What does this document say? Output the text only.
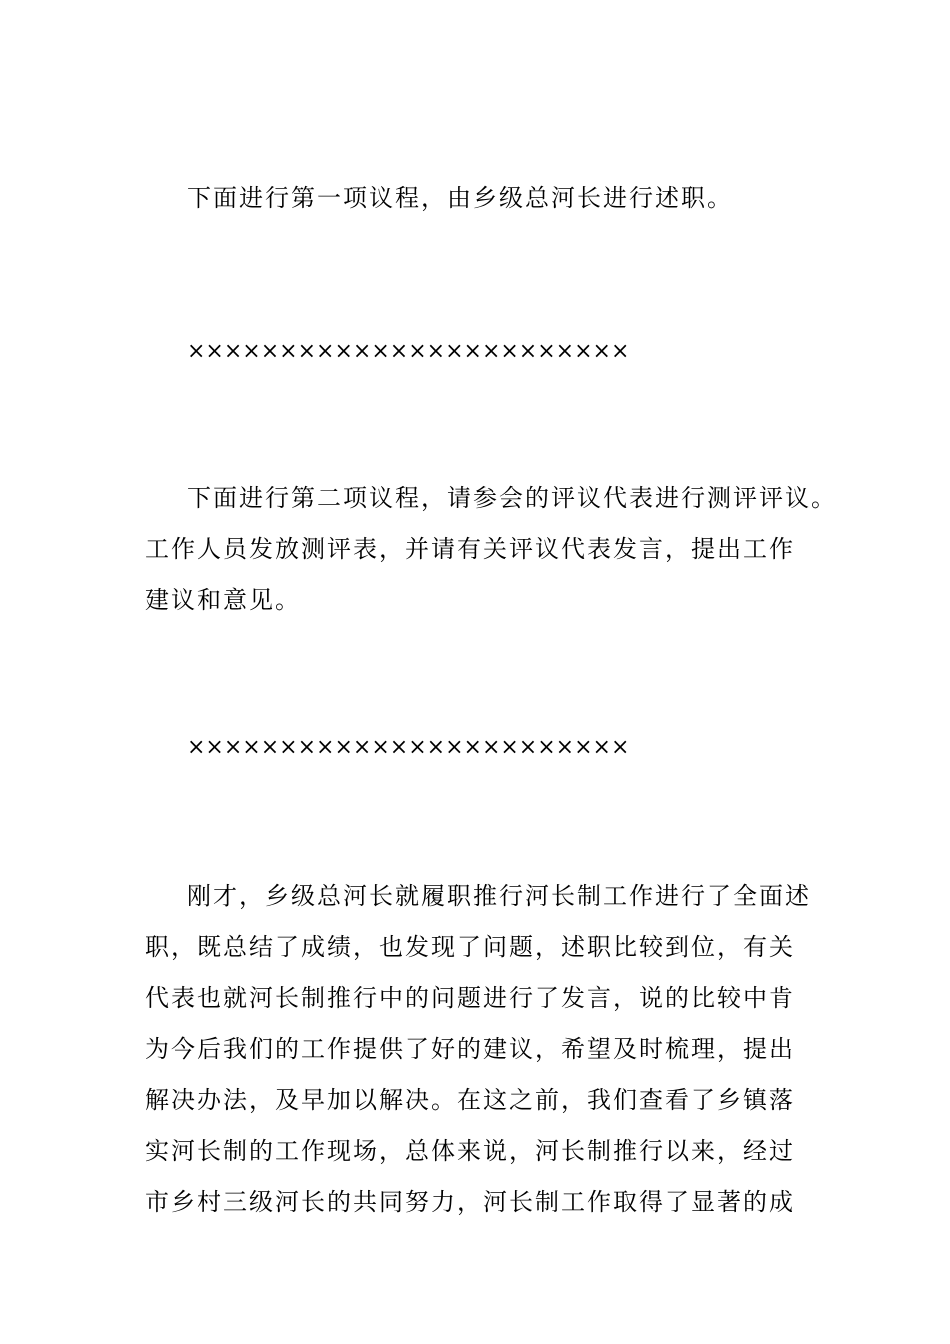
下面进行第一项议程，由乡级总河长进行述职。

××××××××××××××××××××××××

下面进行第二项议程，请参会的评议代表进行测评评议。
工作人员发放测评表，并请有关评议代表发言，提出工作
建议和意见。

××××××××××××××××××××××××

刚才，乡级总河长就履职推行河长制工作进行了全面述
职，既总结了成绩，也发现了问题，述职比较到位，有关
代表也就河长制推行中的问题进行了发言，说的比较中肯
为今后我们的工作提供了好的建议，希望及时梳理，提出
解决办法，及早加以解决。在这之前，我们查看了乡镇落
实河长制的工作现场，总体来说，河长制推行以来，经过
市乡村三级河长的共同努力，河长制工作取得了显著的成
